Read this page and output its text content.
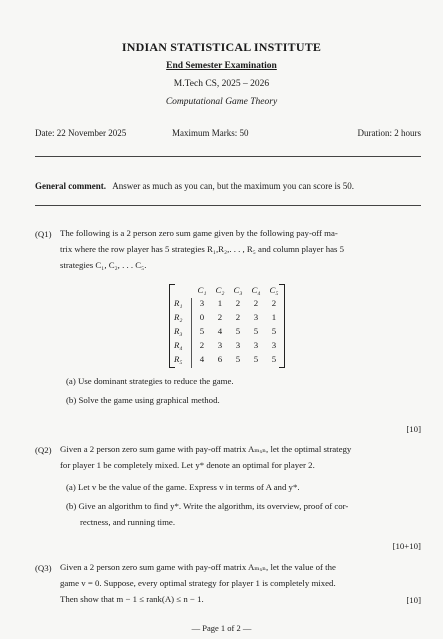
INDIAN STATISTICAL INSTITUTE
End Semester Examination
M.Tech CS, 2025 – 2026
Computational Game Theory
Date: 22 November 2025	Maximum Marks: 50	Duration: 2 hours
General comment. Answer as much as you can, but the maximum you can score is 50.
(Q1) The following is a 2 person zero sum game given by the following pay-off ma-
trix where the row player has 5 strategies R₁,R₂,. . . , R₅ and column player has 5
strategies C₁, C₂, . . . C₅.
C₁ C₂ C₃ C₄ C₅
R₁	3	1	2	2	2
R₂	0	2	2	3	1
R₃	5	4	5	5	5
R₄	2	3	3	3	3
R₅	4	6	5	5	5
(a) Use dominant strategies to reduce the game.
(b) Solve the game using graphical method.
[10]
(Q2) Given a 2 person zero sum game with pay-off matrix Aₘₓₙ, let the optimal strategy
for player 1 be completely mixed. Let y* denote an optimal for player 2.
(a) Let v be the value of the game. Express v in terms of A and y*.
(b) Give an algorithm to find y*. Write the algorithm, its overview, proof of cor-
rectness, and running time.
[10+10]
(Q3) Given a 2 person zero sum game with pay-off matrix Aₘₓₙ, let the value of the
game v = 0. Suppose, every optimal strategy for player 1 is completely mixed.
Then show that m − 1 ≤ rank(A) ≤ n − 1.	[10]
— Page 1 of 2 —
